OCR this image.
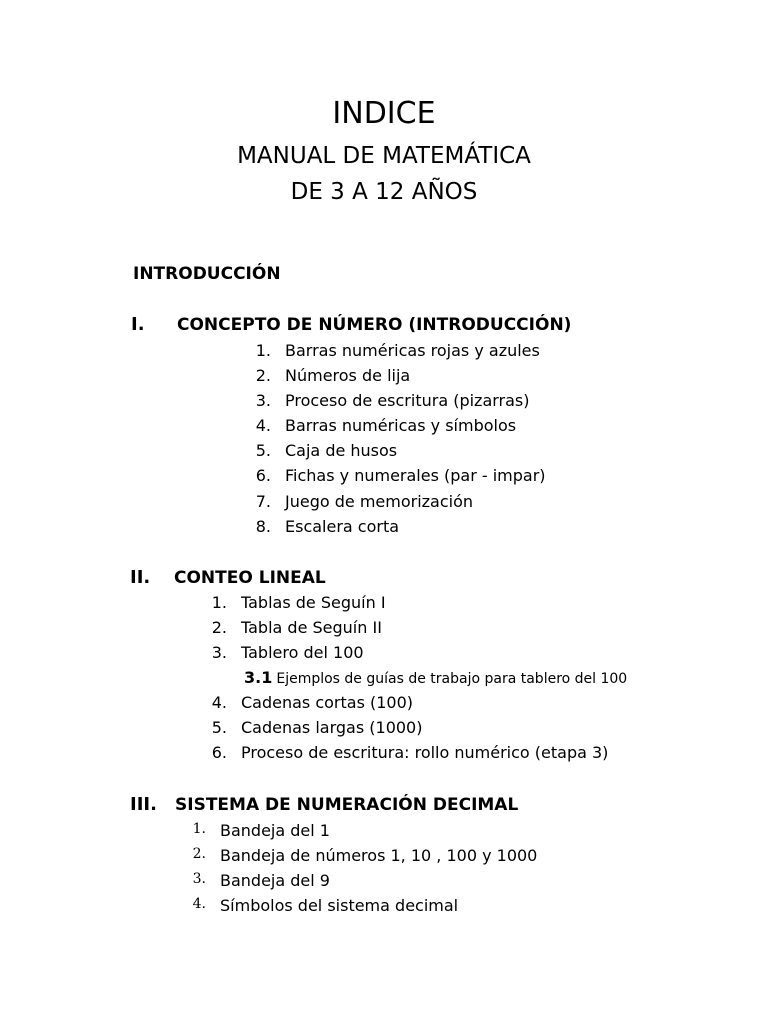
INDICE
MANUAL DE MATEMÁTICA
DE 3 A 12 AÑOS
INTRODUCCIÓN
I. CONCEPTO DE NÚMERO (INTRODUCCIÓN)
1. Barras numéricas rojas y azules
2. Números de lija
3. Proceso de escritura (pizarras)
4. Barras numéricas y símbolos
5. Caja de husos
6. Fichas y numerales (par - impar)
7. Juego de memorización
8. Escalera corta
II. CONTEO LINEAL
1. Tablas de Seguín I
2. Tabla de Seguín II
3. Tablero del 100
3.1 Ejemplos de guías de trabajo para tablero del 100
4. Cadenas cortas (100)
5. Cadenas largas (1000)
6. Proceso de escritura: rollo numérico (etapa 3)
III. SISTEMA DE NUMERACIÓN DECIMAL
1. Bandeja del 1
2. Bandeja de números 1, 10 , 100 y 1000
3. Bandeja del 9
4. Símbolos del sistema decimal
